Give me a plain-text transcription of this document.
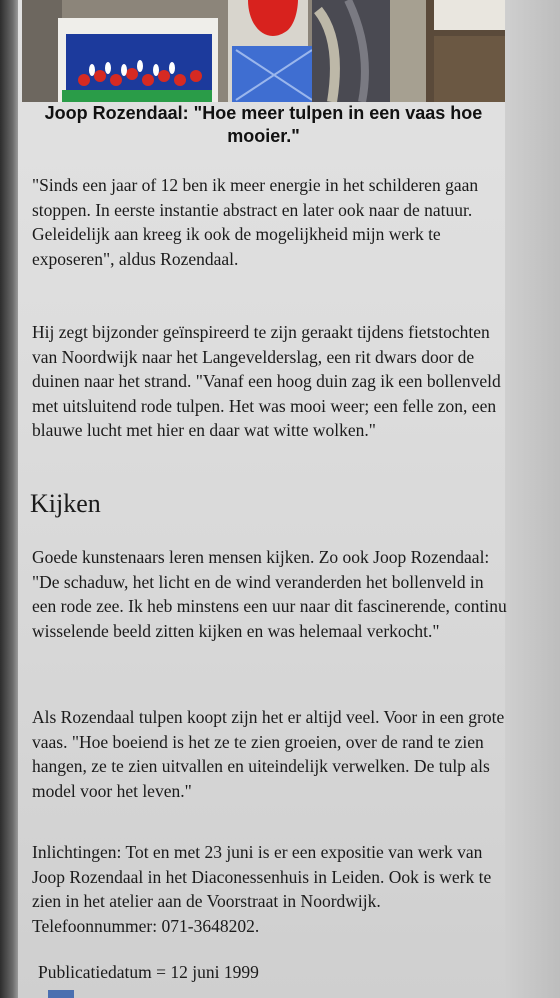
Joop Rozendaal: "Hoe meer tulpen in een vaas hoe mooier."

"Sinds een jaar of 12 ben ik meer energie in het schilderen gaan stoppen. In eerste instantie abstract en later ook naar de natuur. Geleidelijk aan kreeg ik ook de mogelijkheid mijn werk te exposeren", aldus Rozendaal.

Hij zegt bijzonder geïnspireerd te zijn geraakt tijdens fietstochten van Noordwijk naar het Langevelderslag, een rit dwars door de duinen naar het strand. "Vanaf een hoog duin zag ik een bollenveld met uitsluitend rode tulpen. Het was mooi weer; een felle zon, een blauwe lucht met hier en daar wat witte wolken."

Kijken

Goede kunstenaars leren mensen kijken. Zo ook Joop Rozendaal: "De schaduw, het licht en de wind veranderden het bollenveld in een rode zee. Ik heb minstens een uur naar dit fascinerende, continu wisselende beeld zitten kijken en was helemaal verkocht."

Als Rozendaal tulpen koopt zijn het er altijd veel. Voor in een grote vaas. "Hoe boeiend is het ze te zien groeien, over de rand te zien hangen, ze te zien uitvallen en uiteindelijk verwelken. De tulp als model voor het leven."

Inlichtingen: Tot en met 23 juni is er een expositie van werk van Joop Rozendaal in het Diaconessenhuis in Leiden. Ook is werk te zien in het atelier aan de Voorstraat in Noordwijk. Telefoonnummer: 071-3648202.

Publicatiedatum = 12 juni 1999
